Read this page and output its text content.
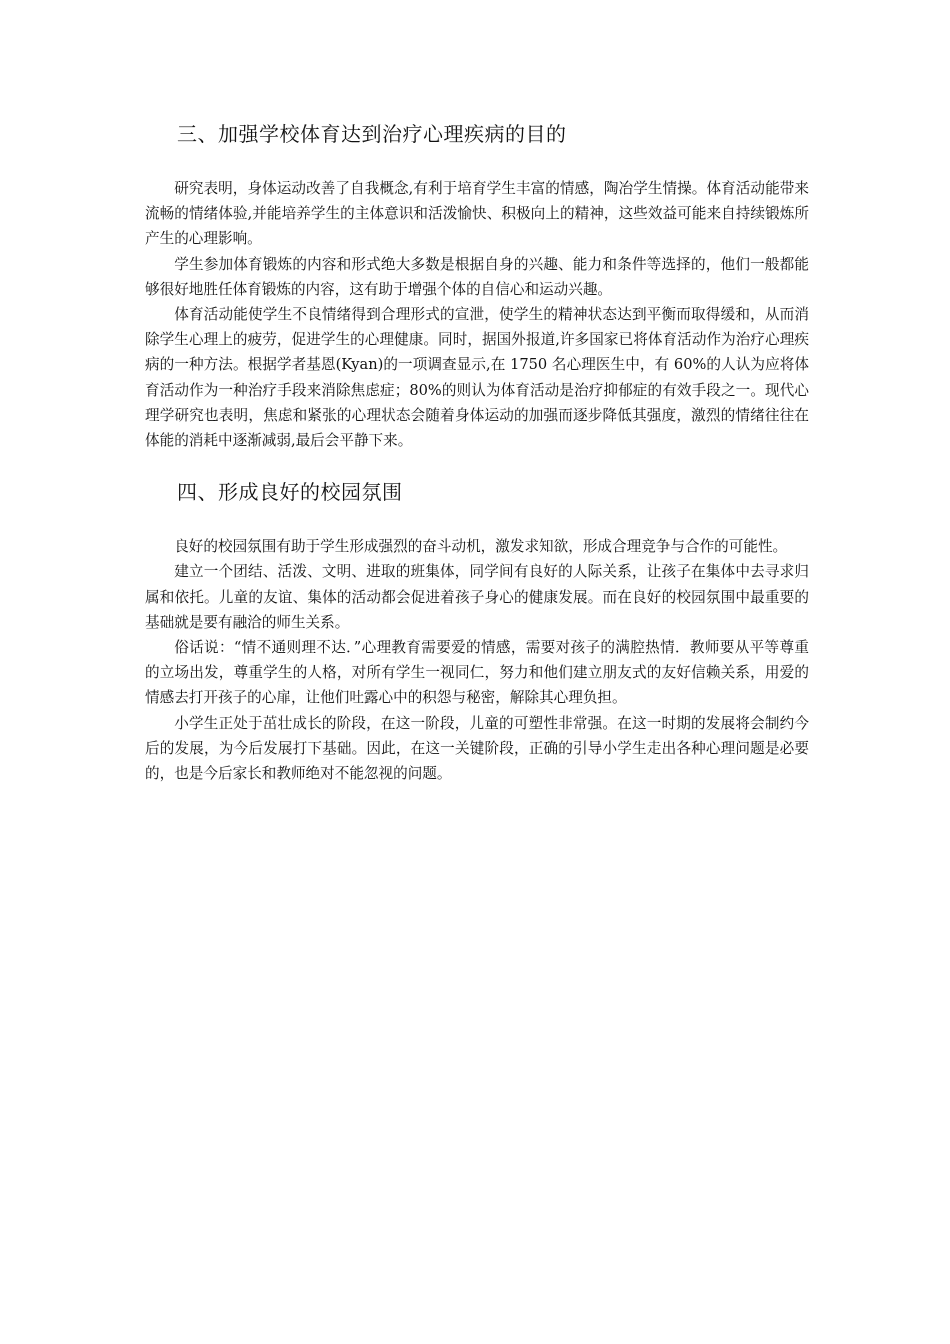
三、加强学校体育达到治疗心理疾病的目的

研究表明，身体运动改善了自我概念,有利于培育学生丰富的情感，陶冶学生情操。体育活动能带来流畅的情绪体验,并能培养学生的主体意识和活泼愉快、积极向上的精神，这些效益可能来自持续锻炼所产生的心理影响。

学生参加体育锻炼的内容和形式绝大多数是根据自身的兴趣、能力和条件等选择的，他们一般都能够很好地胜任体育锻炼的内容，这有助于增强个体的自信心和运动兴趣。

体育活动能使学生不良情绪得到合理形式的宣泄，使学生的精神状态达到平衡而取得缓和，从而消除学生心理上的疲劳，促进学生的心理健康。同时，据国外报道,许多国家已将体育活动作为治疗心理疾病的一种方法。根据学者基恩(Kyan)的一项调查显示,在 1750 名心理医生中，有 60%的人认为应将体育活动作为一种治疗手段来消除焦虑症；80%的则认为体育活动是治疗抑郁症的有效手段之一。现代心理学研究也表明，焦虑和紧张的心理状态会随着身体运动的加强而逐步降低其强度，激烈的情绪往往在体能的消耗中逐渐减弱,最后会平静下来。

四、形成良好的校园氛围

良好的校园氛围有助于学生形成强烈的奋斗动机，激发求知欲，形成合理竞争与合作的可能性。

建立一个团结、活泼、文明、进取的班集体，同学间有良好的人际关系，让孩子在集体中去寻求归属和依托。儿童的友谊、集体的活动都会促进着孩子身心的健康发展。而在良好的校园氛围中最重要的基础就是要有融洽的师生关系。

俗话说：“情不通则理不达．”心理教育需要爱的情感，需要对孩子的满腔热情．教师要从平等尊重的立场出发，尊重学生的人格，对所有学生一视同仁，努力和他们建立朋友式的友好信赖关系，用爱的情感去打开孩子的心扉，让他们吐露心中的积怨与秘密，解除其心理负担。

小学生正处于茁壮成长的阶段，在这一阶段，儿童的可塑性非常强。在这一时期的发展将会制约今后的发展，为今后发展打下基础。因此，在这一关键阶段，正确的引导小学生走出各种心理问题是必要的，也是今后家长和教师绝对不能忽视的问题。
